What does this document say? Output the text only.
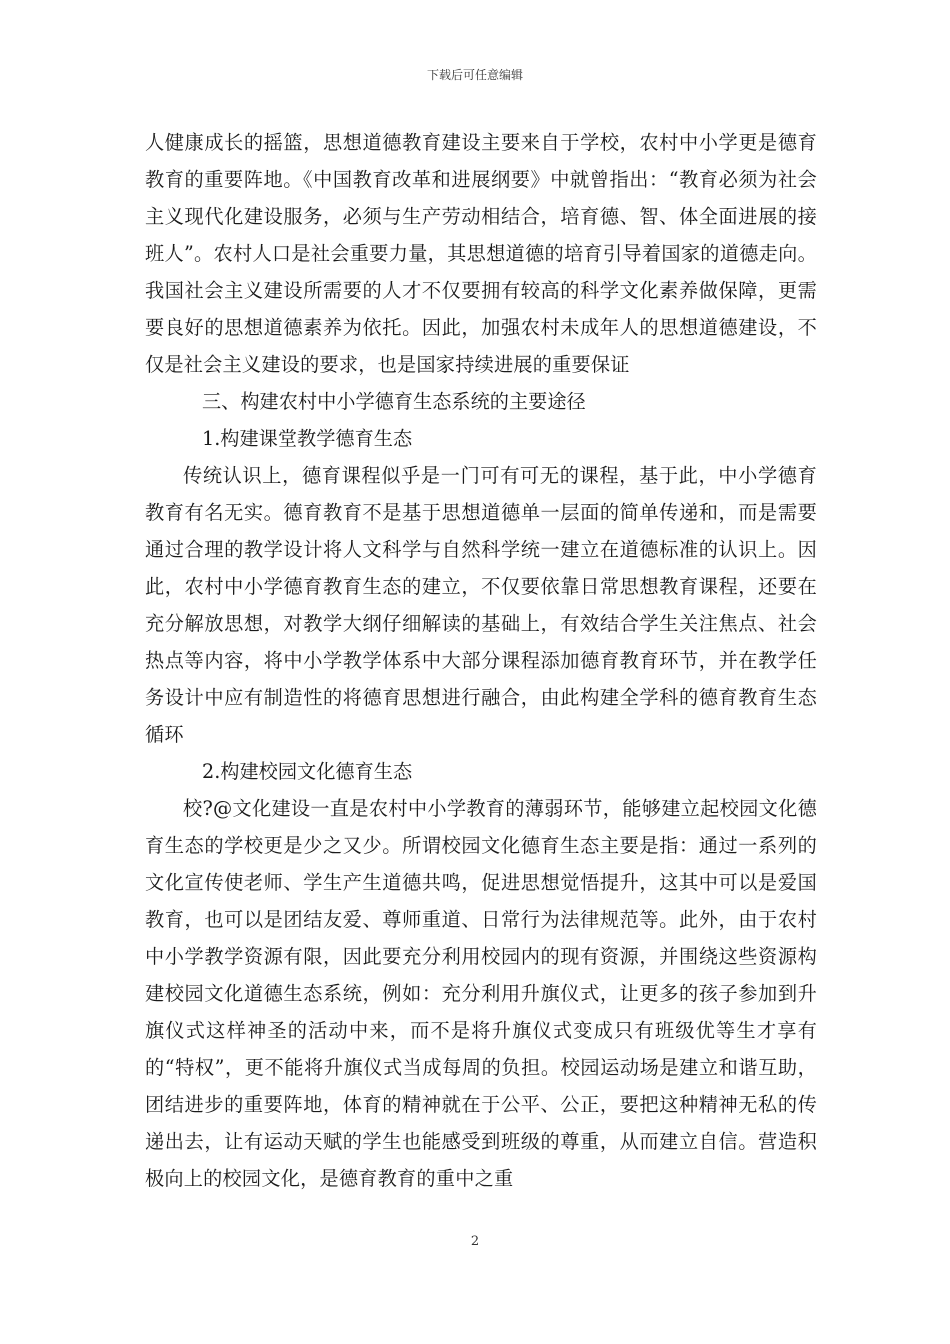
下载后可任意编辑

人健康成长的摇篮，思想道德教育建设主要来自于学校，农村中小学更是德育教育的重要阵地。《中国教育改革和进展纲要》中就曾指出：“教育必须为社会主义现代化建设服务，必须与生产劳动相结合，培育德、智、体全面进展的接班人”。农村人口是社会重要力量，其思想道德的培育引导着国家的道德走向。我国社会主义建设所需要的人才不仅要拥有较高的科学文化素养做保障，更需要良好的思想道德素养为依托。因此，加强农村未成年人的思想道德建设，不仅是社会主义建设的要求，也是国家持续进展的重要保证

三、构建农村中小学德育生态系统的主要途径

1.构建课堂教学德育生态

传统认识上，德育课程似乎是一门可有可无的课程，基于此，中小学德育教育有名无实。德育教育不是基于思想道德单一层面的简单传递和，而是需要通过合理的教学设计将人文科学与自然科学统一建立在道德标准的认识上。因此，农村中小学德育教育生态的建立，不仅要依靠日常思想教育课程，还要在充分解放思想，对教学大纲仔细解读的基础上，有效结合学生关注焦点、社会热点等内容，将中小学教学体系中大部分课程添加德育教育环节，并在教学任务设计中应有制造性的将德育思想进行融合，由此构建全学科的德育教育生态循环

2.构建校园文化德育生态

校?@文化建设一直是农村中小学教育的薄弱环节，能够建立起校园文化德育生态的学校更是少之又少。所谓校园文化德育生态主要是指：通过一系列的文化宣传使老师、学生产生道德共鸣，促进思想觉悟提升，这其中可以是爱国教育，也可以是团结友爱、尊师重道、日常行为法律规范等。此外，由于农村中小学教学资源有限，因此要充分利用校园内的现有资源，并围绕这些资源构建校园文化道德生态系统，例如：充分利用升旗仪式，让更多的孩子参加到升旗仪式这样神圣的活动中来，而不是将升旗仪式变成只有班级优等生才享有的“特权”，更不能将升旗仪式当成每周的负担。校园运动场是建立和谐互助，团结进步的重要阵地，体育的精神就在于公平、公正，要把这种精神无私的传递出去，让有运动天赋的学生也能感受到班级的尊重，从而建立自信。营造积极向上的校园文化，是德育教育的重中之重

2
